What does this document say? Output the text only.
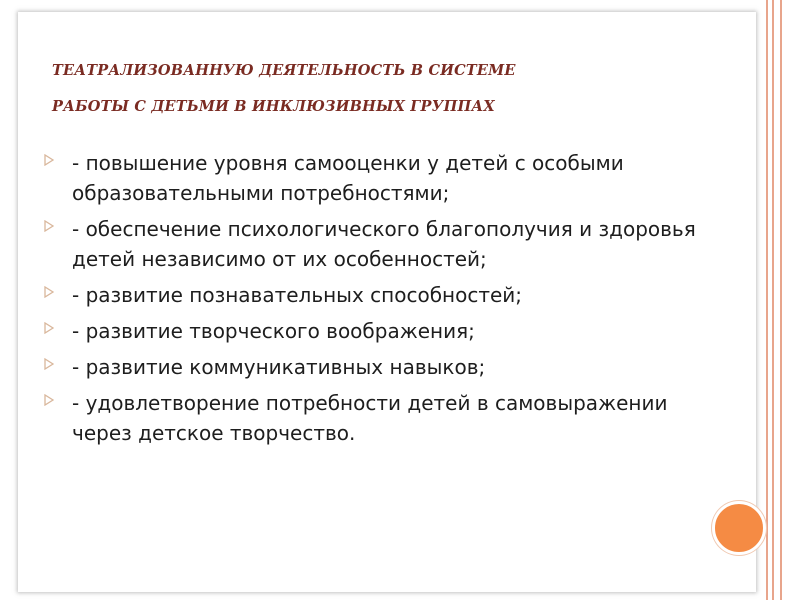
ТЕАТРАЛИЗОВАННУЮ ДЕЯТЕЛЬНОСТЬ В СИСТЕМЕ
РАБОТЫ С ДЕТЬМИ В ИНКЛЮЗИВНЫХ ГРУППАХ
- повышение уровня самооценки у детей с особыми образовательными потребностями;
- обеспечение психологического благополучия и здоровья детей независимо от их особенностей;
- развитие познавательных способностей;
- развитие творческого воображения;
- развитие коммуникативных навыков;
- удовлетворение потребности детей в самовыражении через детское творчество.
